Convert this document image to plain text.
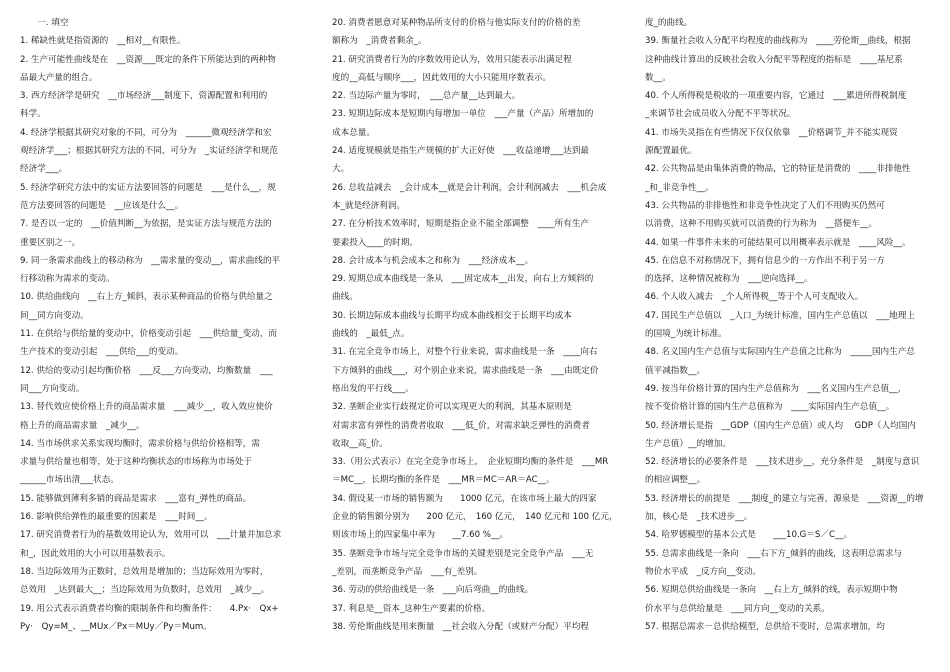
　　一. 填空
1. 稀缺性就是指资源的　__相对__有限性。
2. 生产可能性曲线是在　__资源___既定的条件下所能达到的两种物
品最大产量的组合。
3. 西方经济学是研究　__市场经济___制度下，资源配置和利用的
科学。
4. 经济学根据其研究对象的不同，可分为　______微观经济学和宏
观经济学___；根据其研究方法的不同，可分为　_实证经济学和规范
经济学___。
5. 经济学研究方法中的实证方法要回答的问题是　___是什么__，规
范方法要回答的问题是　__应该是什么__。
7. 是否以一定的　__价值判断__为依据，是实证方法与规范方法的
重要区别之一。
9. 同一条需求曲线上的移动称为　__需求量的变动__，需求曲线的平
行移动称为需求的变动。
10. 供给曲线向　__右上方_倾斜，表示某种商品的价格与供给量之
间__同方向变动。
11. 在供给与供给量的变动中，价格变动引起　___供给量_变动，而
生产技术的变动引起　___供给___的变动。
12. 供给的变动引起均衡价格　___反___方向变动，均衡数量　___
同___方向变动。
13. 替代效应使价格上升的商品需求量　___减少__，收入效应使价
格上升的商品需求量　_减少__。
14. 当市场供求关系实现均衡时，需求价格与供给价格相等，需
求量与供给量也相等，处于这种均衡状态的市场称为市场处于
______市场出清___状态。
15. 能够做到薄利多销的商品是需求　___富有_弹性的商品。
16. 影响供给弹性的最重要的因素是　___时间__。
17. 研究消费者行为的基数效用论认为，效用可以　___计量并加总求
和_，因此效用的大小可以用基数表示。
18. 当边际效用为正数时，总效用是增加的；当边际效用为零时，
总效用　_达到最大__；当边际效用为负数时，总效用　_减少__。
19. 用公式表示消费者均衡的限制条件和均衡条件：　　4.Px·　Qx+
Py·　Qy=M_、__MUx／Px＝MUy／Py＝Mum。
20. 消费者愿意对某种物品所支付的价格与他实际支付的价格的差
额称为　_消费者剩余_。
21. 研究消费者行为的序数效用论认为，效用只能表示出满足程
度的__高低与顺序___，因此效用的大小只能用序数表示。
22. 当边际产量为零时，　___总产量__达到最大。
23. 短期边际成本是短期内每增加一单位　___产量（产品）所增加的
成本总量。
24. 适度规模就是指生产规模的扩大正好使　___收益递增___达到最
大。
26. 总收益减去　_会计成本__就是会计利润，会计利润减去　___机会成
本_就是经济利润。
27. 在分析技术效率时，短期是指企业不能全部调整　____所有生产
要素投入____的时期。
28. 会计成本与机会成本之和称为　___经济成本__。
29. 短期总成本曲线是一条从　___固定成本__出发，向右上方倾斜的
曲线。
30. 长期边际成本曲线与长期平均成本曲线相交于长期平均成本
曲线的　_最低_点。
31. 在完全竞争市场上，对整个行业来说，需求曲线是一条　____向右
下方倾斜的曲线___，对个别企业来说，需求曲线是一条　___由既定价
格出发的平行线___。
32. 垄断企业实行歧视定价可以实现更大的利润，其基本原则是
对需求富有弹性的消费者收取　___低_价，对需求缺乏弹性的消费者
收取__高_价。
33.（用公式表示）在完全竞争市场上，　企业短期均衡的条件是　___MR
＝MC__，长期均衡的条件是　___MR＝MC＝AR＝AC__。
34. 假设某一市场的销售额为　　1000 亿元，在该市场上最大的四家
企业的销售额分别为　　200 亿元，　160 亿元，　140 亿元和 100 亿元，
则该市场上的四家集中率为　　__7.60 %__。
35. 垄断竞争市场与完全竞争市场的关键差别是完全竞争产品　___无
_差别，而垄断竞争产品　___有_差别。
36. 劳动的供给曲线是一条　___向后弯曲__的曲线。
37. 利息是__资本_这种生产要素的价格。
38. 劳伦斯曲线是用来衡量　__社会收入分配（或财产分配）平均程
度_的曲线。
39. 衡量社会收入分配平均程度的曲线称为　____劳伦斯__曲线，根据
这种曲线计算出的反映社会收入分配平等程度的指标是　____基尼系
数__。
40. 个人所得税是税收的一项重要内容，它通过　___累进所得税制度
_来调节社会成员收入分配不平等状况。
41. 市场失灵指在有些情况下仅仅依靠　__价格调节_并不能实现资
源配置最优。
42. 公共物品是由集体消费的物品，它的特征是消费的　____非排他性
_和_非竞争性__。
43. 公共物品的非排他性和非竞争性决定了人们不用购买仍然可
以消费，这种不用购买就可以消费的行为称为　__搭便车__。
44. 如果一件事件未来的可能结果可以用概率表示就是　____风险__。
45. 在信息不对称情况下，拥有信息少的一方作出不利于另一方
的选择，这种情况被称为　___逆向选择__。
46. 个人收入减去　_个人所得税__等于个人可支配收入。
47. 国民生产总值以　_人口_为统计标准，国内生产总值以　___地理上
的国境_为统计标准。
48. 名义国内生产总值与实际国内生产总值之比称为　_____国内生产总
值平减指数__。
49. 按当年价格计算的国内生产总值称为　___名义国内生产总值__，
按不变价格计算的国内生产总值称为　____实际国内生产总值__。
50. 经济增长是指　__GDP（国内生产总值）或人均　 GDP（人均国内
生产总值）__的增加。
52. 经济增长的必要条件是　___技术进步__，充分条件是　_制度与意识
的相应调整__。
53. 经济增长的前提是　___制度_的建立与完善，源泉是　___资源__的增
加，核心是　_技术进步__。
54. 哈罗德模型的基本公式是　　___10.G＝S／C__。
55. 总需求曲线是一条向　___右下方_倾斜的曲线，这表明总需求与
物价水平成　_反方向__变动。
56. 短期总供给曲线是一条向　__右上方_倾斜的线，表示短期中物
价水平与总供给量是　___同方向__变动的关系。
57. 根据总需求－总供给模型，总供给不变时，总需求增加，均
